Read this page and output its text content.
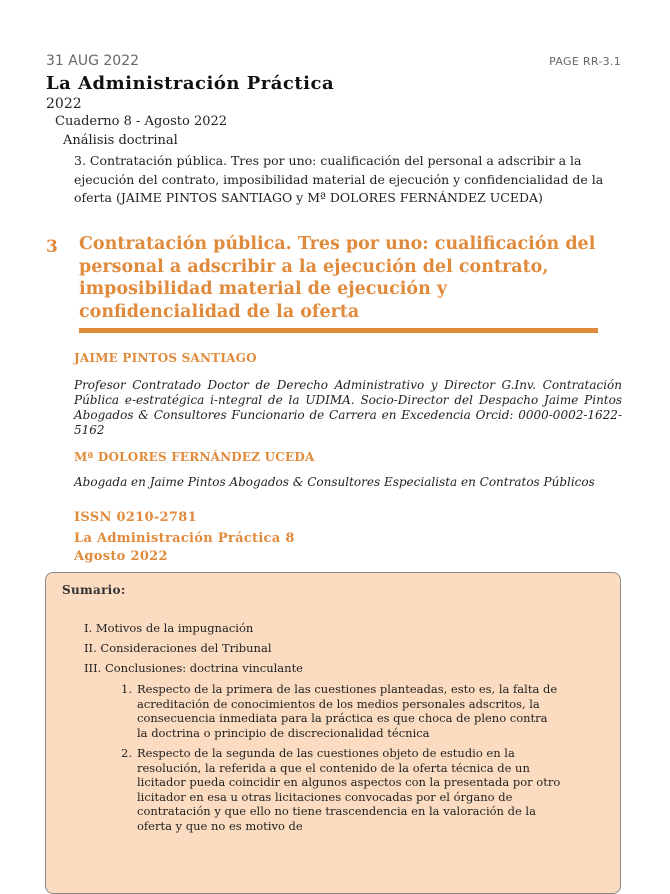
31 AUG 2022	PAGE RR-3.1
La Administración Práctica
2022
Cuaderno 8 - Agosto 2022
Análisis doctrinal
3. Contratación pública. Tres por uno: cualificación del personal a adscribir a la ejecución del contrato, imposibilidad material de ejecución y confidencialidad de la oferta (JAIME PINTOS SANTIAGO y Mª DOLORES FERNÁNDEZ UCEDA)
3 Contratación pública. Tres por uno: cualificación del personal a adscribir a la ejecución del contrato, imposibilidad material de ejecución y confidencialidad de la oferta
JAIME PINTOS SANTIAGO
Profesor Contratado Doctor de Derecho Administrativo y Director G.Inv. Contratación Pública e-estratégica i-ntegral de la UDIMA. Socio-Director del Despacho Jaime Pintos Abogados & Consultores Funcionario de Carrera en Excedencia Orcid: 0000-0002-1622-5162
Mª DOLORES FERNÁNDEZ UCEDA
Abogada en Jaime Pintos Abogados & Consultores Especialista en Contratos Públicos
ISSN 0210-2781
La Administración Práctica 8
Agosto 2022
Sumario:
I. Motivos de la impugnación
II. Consideraciones del Tribunal
III. Conclusiones: doctrina vinculante
1. Respecto de la primera de las cuestiones planteadas, esto es, la falta de acreditación de conocimientos de los medios personales adscritos, la consecuencia inmediata para la práctica es que choca de pleno contra la doctrina o principio de discrecionalidad técnica
2. Respecto de la segunda de las cuestiones objeto de estudio en la resolución, la referida a que el contenido de la oferta técnica de un licitador pueda coincidir en algunos aspectos con la presentada por otro licitador en esa u otras licitaciones convocadas por el órgano de contratación y que ello no tiene trascendencia en la valoración de la oferta y que no es motivo de
